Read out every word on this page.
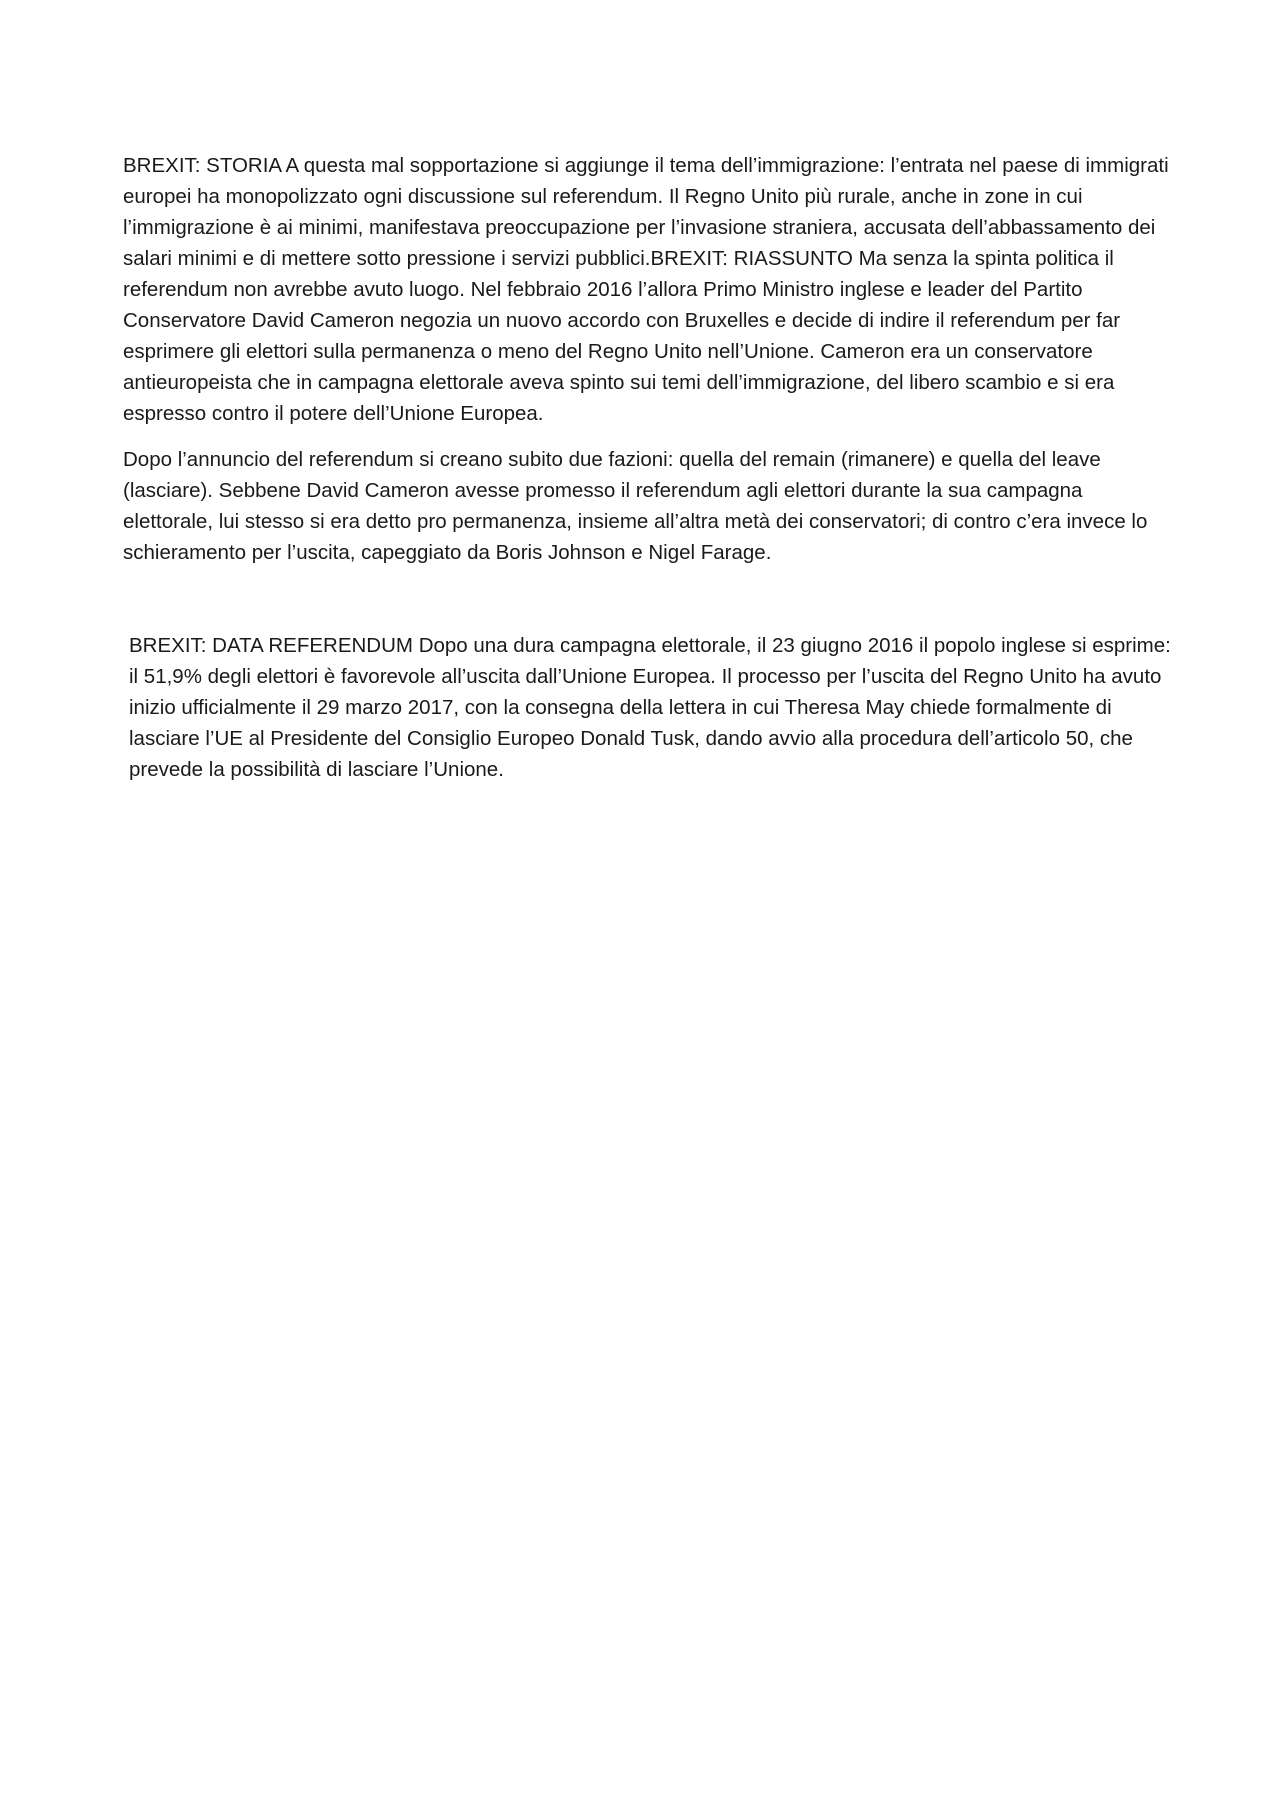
BREXIT: STORIA A questa mal sopportazione si aggiunge il tema dell’immigrazione: l’entrata nel paese di immigrati europei ha monopolizzato ogni discussione sul referendum. Il Regno Unito più rurale, anche in zone in cui l’immigrazione è ai minimi, manifestava preoccupazione per l’invasione straniera, accusata dell’abbassamento dei salari minimi e di mettere sotto pressione i servizi pubblici.BREXIT: RIASSUNTO Ma senza la spinta politica il referendum non avrebbe avuto luogo. Nel febbraio 2016 l’allora Primo Ministro inglese e leader del Partito Conservatore David Cameron negozia un nuovo accordo con Bruxelles e decide di indire il referendum per far esprimere gli elettori sulla permanenza o meno del Regno Unito nell’Unione. Cameron era un conservatore antieuropeista che in campagna elettorale aveva spinto sui temi dell’immigrazione, del libero scambio e si era espresso contro il potere dell’Unione Europea.

Dopo l’annuncio del referendum si creano subito due fazioni: quella del remain (rimanere) e quella del leave (lasciare). Sebbene David Cameron avesse promesso il referendum agli elettori durante la sua campagna elettorale, lui stesso si era detto pro permanenza, insieme all’altra metà dei conservatori; di contro c’era invece lo schieramento per l’uscita, capeggiato da Boris Johnson e Nigel Farage.

BREXIT: DATA REFERENDUM Dopo una dura campagna elettorale, il 23 giugno 2016 il popolo inglese si esprime: il 51,9% degli elettori è favorevole all’uscita dall’Unione Europea. Il processo per l’uscita del Regno Unito ha avuto inizio ufficialmente il 29 marzo 2017, con la consegna della lettera in cui Theresa May chiede formalmente di lasciare l’UE al Presidente del Consiglio Europeo Donald Tusk, dando avvio alla procedura dell’articolo 50, che prevede la possibilità di lasciare l’Unione.
